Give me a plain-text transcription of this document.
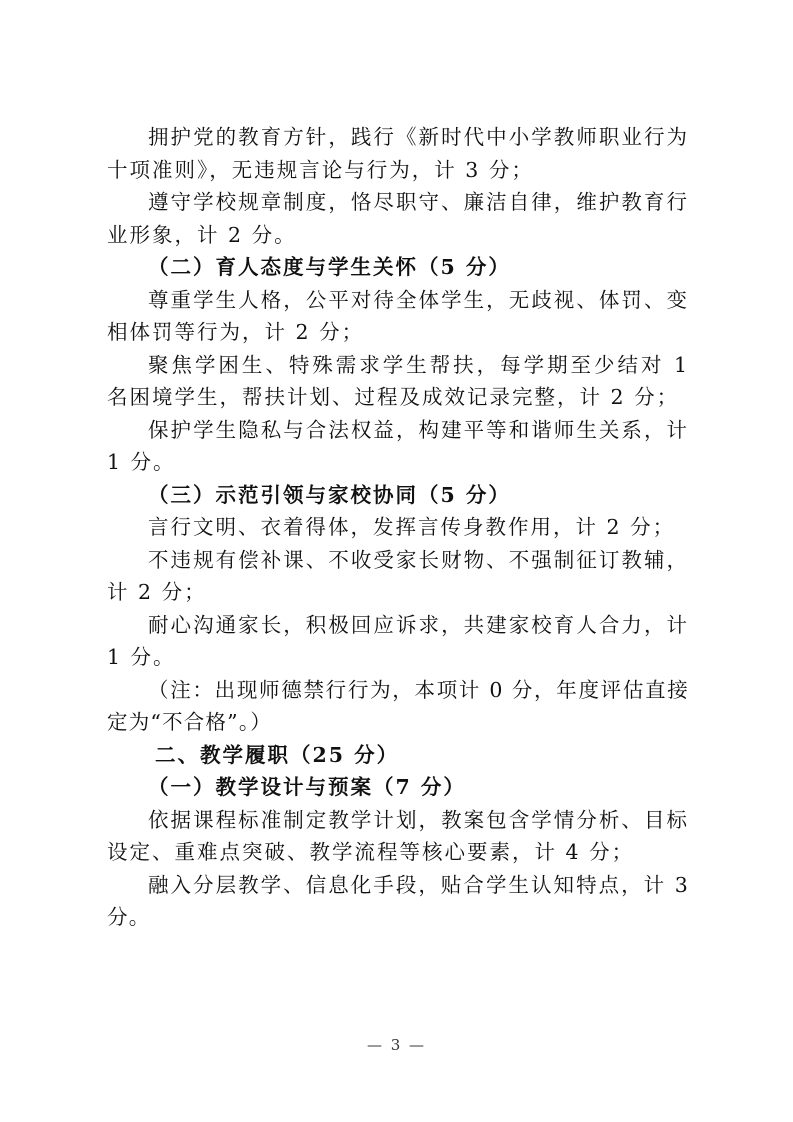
拥护党的教育方针，践行《新时代中小学教师职业行为十项准则》，无违规言论与行为，计 3 分；

遵守学校规章制度，恪尽职守、廉洁自律，维护教育行业形象，计 2 分。

（二）育人态度与学生关怀（5 分）

尊重学生人格，公平对待全体学生，无歧视、体罚、变相体罚等行为，计 2 分；

聚焦学困生、特殊需求学生帮扶，每学期至少结对 1 名困境学生，帮扶计划、过程及成效记录完整，计 2 分；

保护学生隐私与合法权益，构建平等和谐师生关系，计 1 分。

（三）示范引领与家校协同（5 分）

言行文明、衣着得体，发挥言传身教作用，计 2 分；

不违规有偿补课、不收受家长财物、不强制征订教辅，计 2 分；

耐心沟通家长，积极回应诉求，共建家校育人合力，计 1 分。

（注：出现师德禁行行为，本项计 0 分，年度评估直接定为“不合格”。）

二、教学履职（25 分）

（一）教学设计与预案（7 分）

依据课程标准制定教学计划，教案包含学情分析、目标设定、重难点突破、教学流程等核心要素，计 4 分；

融入分层教学、信息化手段，贴合学生认知特点，计 3 分。

— 3 —
